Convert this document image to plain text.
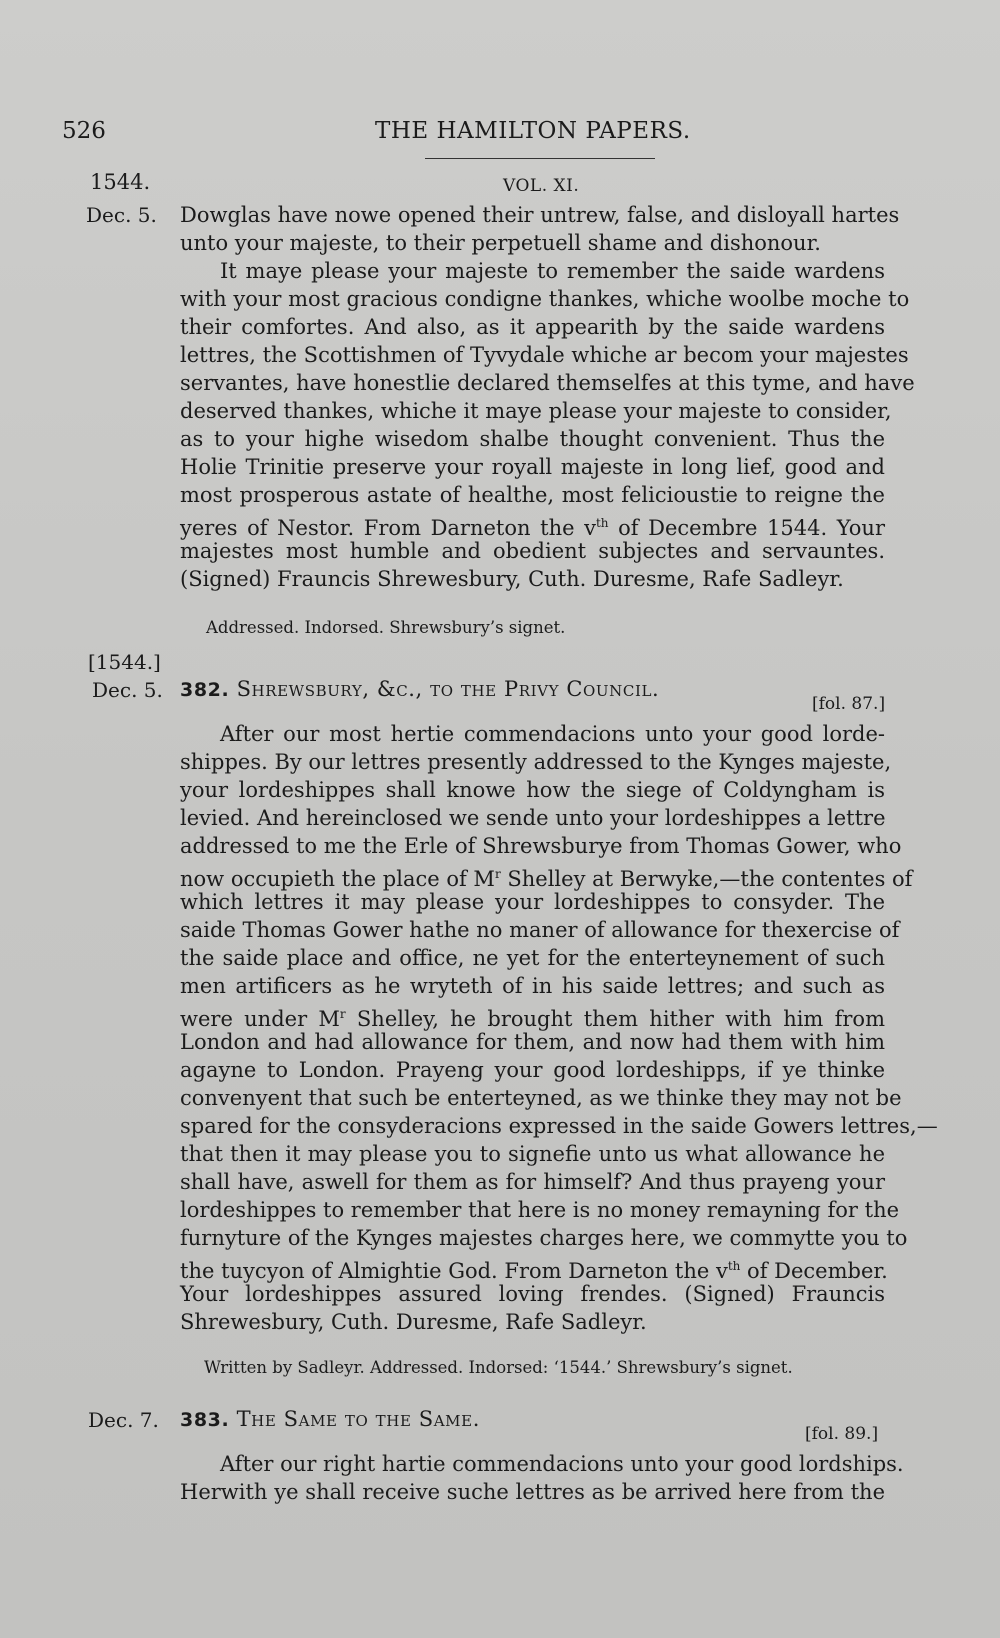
526	THE HAMILTON PAPERS.
1544.	VOL. XI.
Dec. 5. Dowglas have nowe opened their untrew, false, and disloyall hartes
unto your majeste, to their perpetuell shame and dishonour.
It maye please your majeste to remember the saide wardens
with your most gracious condigne thankes, whiche woolbe moche to
their comfortes. And also, as it appearith by the saide wardens
lettres, the Scottishmen of Tyvydale whiche ar becom your majestes
servantes, have honestlie declared themselfes at this tyme, and have
deserved thankes, whiche it maye please your majeste to consider,
as to your highe wisedom shalbe thought convenient. Thus the
Holie Trinitie preserve your royall majeste in long lief, good and
most prosperous astate of healthe, most felicioustie to reigne the
yeres of Nestor. From Darneton the $v^{th}$ of Decembre 1544. Your
majestes most humble and obedient subjectes and servauntes.
(Signed) Frauncis Shrewesbury, Cuth. Duresme, Rafe Sadleyr.
Addressed. Indorsed. Shrewsbury’s signet.
[1544.]
Dec. 5. 382. Shrewsbury, &c., to the Privy Council.
[fol. 87.]
After our most hertie commendacions unto your good lorde-
shippes. By our lettres presently addressed to the Kynges majeste,
your lordeshippes shall knowe how the siege of Coldyngham is
levied. And hereinclosed we sende unto your lordeshippes a lettre
addressed to me the Erle of Shrewsburye from Thomas Gower, who
now occupieth the place of $M^r$ Shelley at Berwyke,—the contentes of
which lettres it may please your lordeshippes to consyder. The
saide Thomas Gower hathe no maner of allowance for thexercise of
the saide place and office, ne yet for the enterteynement of such
men artificers as he wryteth of in his saide lettres; and such as
were under $M^r$ Shelley, he brought them hither with him from
London and had allowance for them, and now had them with him
agayne to London. Prayeng your good lordeshipps, if ye thinke
convenyent that such be enterteyned, as we thinke they may not be
spared for the consyderacions expressed in the saide Gowers lettres,—
that then it may please you to signefie unto us what allowance he
shall have, aswell for them as for himself? And thus prayeng your
lordeshippes to remember that here is no money remayning for the
furnyture of the Kynges majestes charges here, we commytte you to
the tuycyon of Almightie God. From Darneton the $v^{th}$ of December.
Your lordeshippes assured loving frendes. (Signed) Frauncis
Shrewesbury, Cuth. Duresme, Rafe Sadleyr.
Written by Sadleyr. Addressed. Indorsed: ‘1544.’ Shrewsbury’s signet.
Dec. 7. 383. The Same to the Same.
[fol. 89.]
After our right hartie commendacions unto your good lordships.
Herwith ye shall receive suche lettres as be arrived here from the
